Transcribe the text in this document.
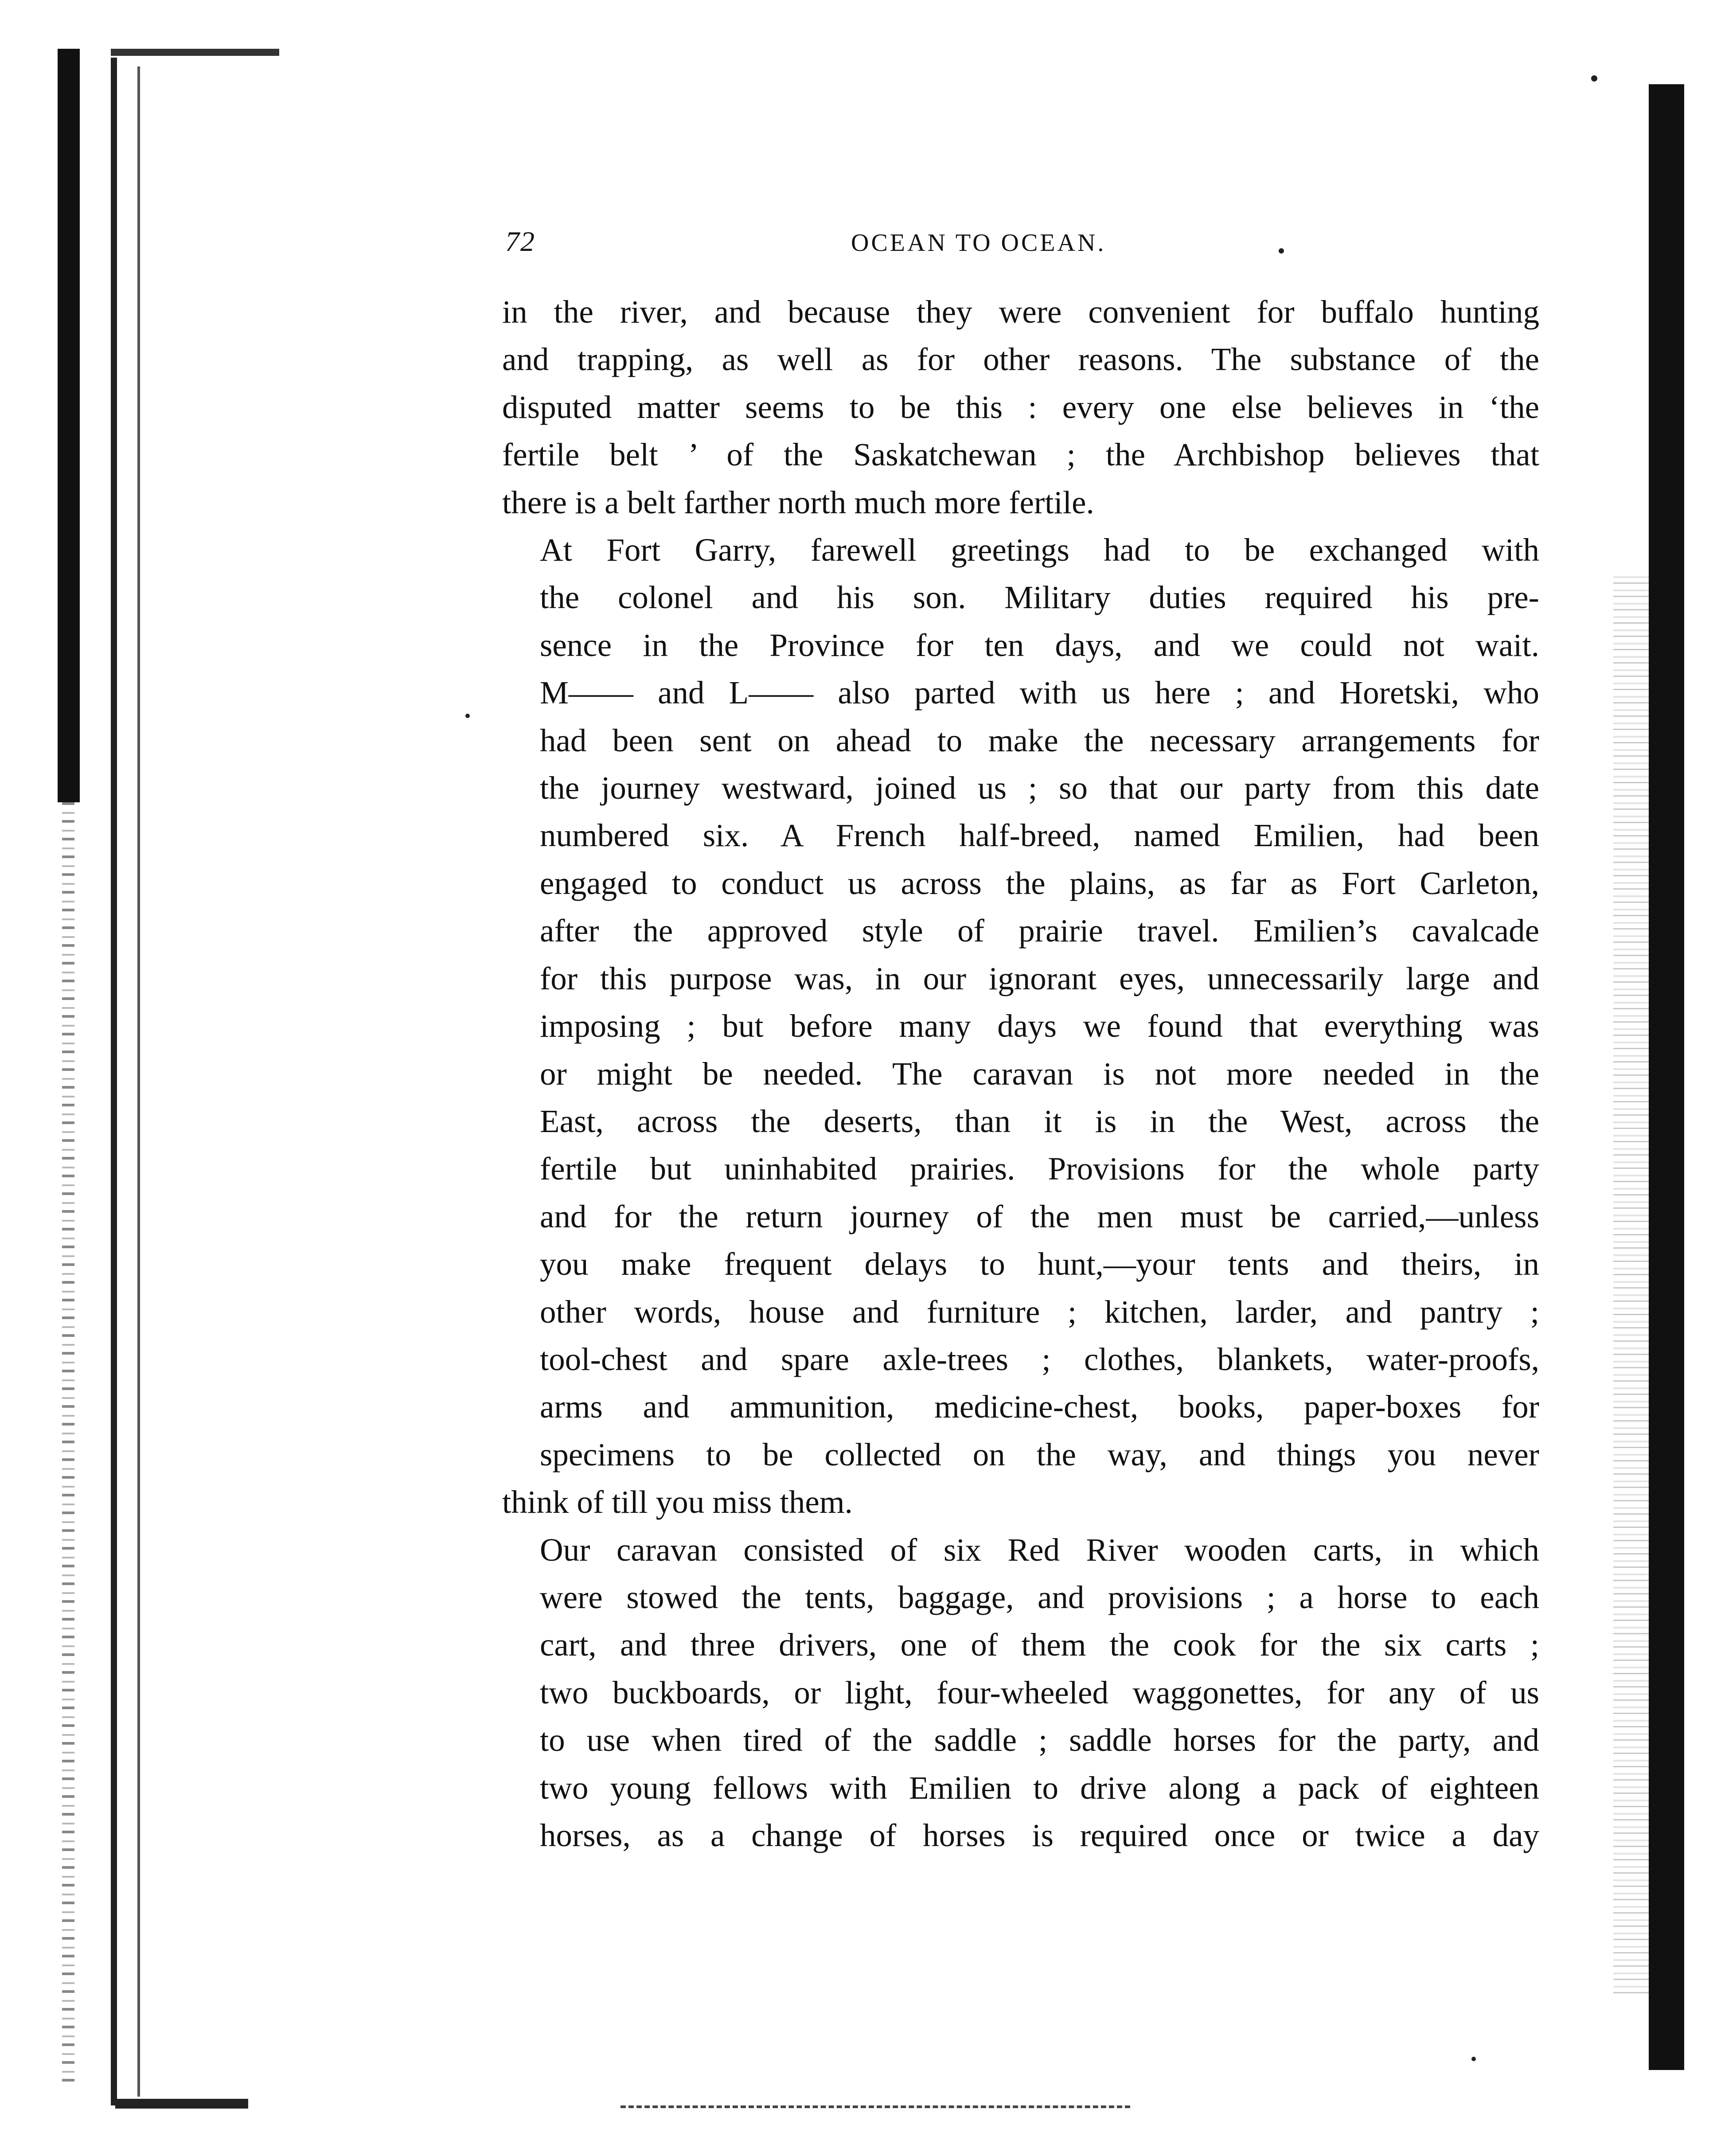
72	OCEAN TO OCEAN.

in the river, and because they were convenient for buffalo hunting
and trapping, as well as for other reasons. The substance of the
disputed matter seems to be this : every one else believes in ‘the
fertile belt ’ of the Saskatchewan ; the Archbishop believes that

there is a belt farther north much more fertile.

At Fort Garry, farewell greetings had to be exchanged with
the colonel and his son. Military duties required his pre-
sence in the Province for ten days, and we could not wait.
M—— and L—— also parted with us here ; and Horetski, who
had been sent on ahead to make the necessary arrangements for
the journey westward, joined us ; so that our party from this date
numbered six. A French half-breed, named Emilien, had been
engaged to conduct us across the plains, as far as Fort Carleton,
after the approved style of prairie travel. Emilien’s cavalcade
for this purpose was, in our ignorant eyes, unnecessarily large and
imposing ; but before many days we found that everything was
or might be needed. The caravan is not more needed in the
East, across the deserts, than it is in the West, across the
fertile but uninhabited prairies. Provisions for the whole party
and for the return journey of the men must be carried,—unless
you make frequent delays to hunt,—your tents and theirs, in
other words, house and furniture ; kitchen, larder, and pantry ;
tool-chest and spare axle-trees ; clothes, blankets, water-proofs,
arms and ammunition, medicine-chest, books, paper-boxes for
specimens to be collected on the way, and things you never

think of till you miss them.

Our caravan consisted of six Red River wooden carts, in which
were stowed the tents, baggage, and provisions ; a horse to each
cart, and three drivers, one of them the cook for the six carts ;
two buckboards, or light, four-wheeled waggonettes, for any of us
to use when tired of the saddle ; saddle horses for the party, and
two young fellows with Emilien to drive along a pack of eighteen
horses, as a change of horses is required once or twice a day
